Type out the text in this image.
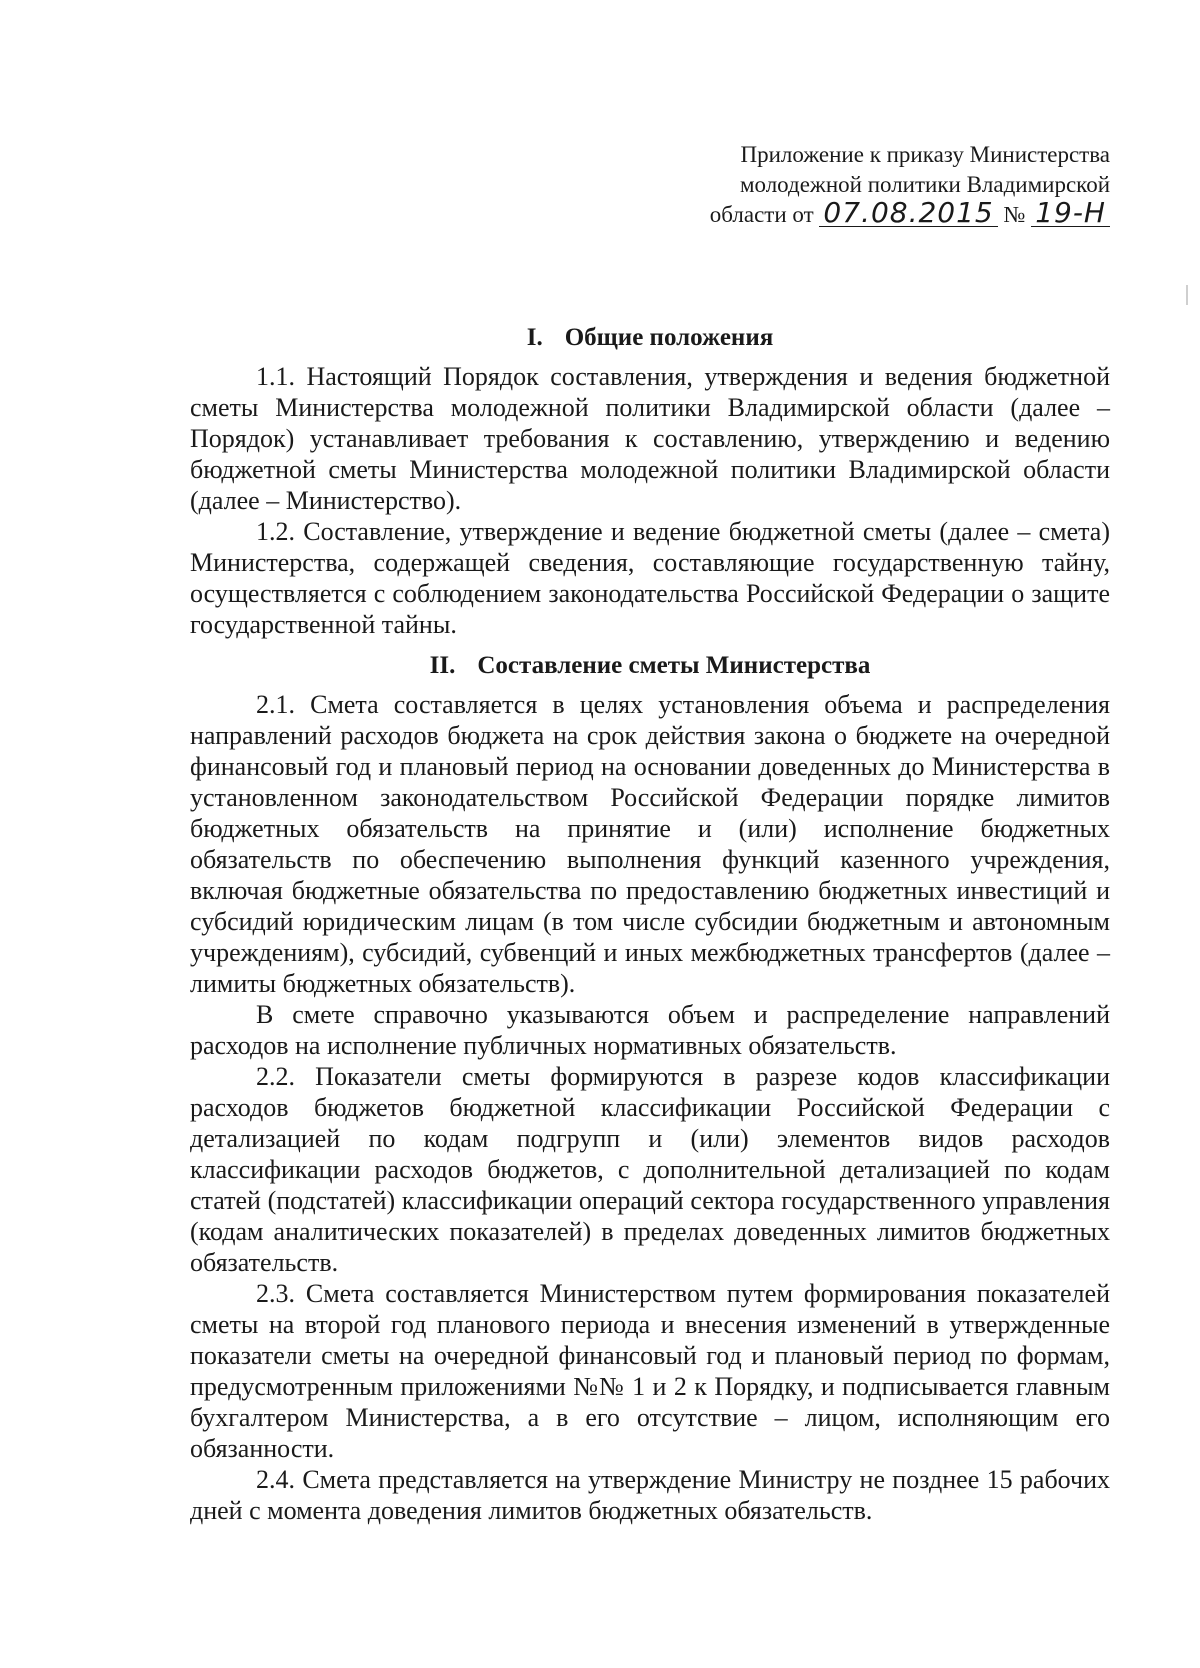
Приложение к приказу Министерства
молодежной политики Владимирской
области от 07.08.2015 № 19-Н
I. Общие положения

1.1. Настоящий Порядок составления, утверждения и ведения бюджетной сметы Министерства молодежной политики Владимирской области (далее – Порядок) устанавливает требования к составлению, утверждению и ведению бюджетной сметы Министерства молодежной политики Владимирской области (далее – Министерство).

1.2. Составление, утверждение и ведение бюджетной сметы (далее – смета) Министерства, содержащей сведения, составляющие государственную тайну, осуществляется с соблюдением законодательства Российской Федерации о защите государственной тайны.

II. Составление сметы Министерства

2.1. Смета составляется в целях установления объема и распределения направлений расходов бюджета на срок действия закона о бюджете на очередной финансовый год и плановый период на основании доведенных до Министерства в установленном законодательством Российской Федерации порядке лимитов бюджетных обязательств на принятие и (или) исполнение бюджетных обязательств по обеспечению выполнения функций казенного учреждения, включая бюджетные обязательства по предоставлению бюджетных инвестиций и субсидий юридическим лицам (в том числе субсидии бюджетным и автономным учреждениям), субсидий, субвенций и иных межбюджетных трансфертов (далее – лимиты бюджетных обязательств).

В смете справочно указываются объем и распределение направлений расходов на исполнение публичных нормативных обязательств.

2.2. Показатели сметы формируются в разрезе кодов классификации расходов бюджетов бюджетной классификации Российской Федерации с детализацией по кодам подгрупп и (или) элементов видов расходов классификации расходов бюджетов, с дополнительной детализацией по кодам статей (подстатей) классификации операций сектора государственного управления (кодам аналитических показателей) в пределах доведенных лимитов бюджетных обязательств.

2.3. Смета составляется Министерством путем формирования показателей сметы на второй год планового периода и внесения изменений в утвержденные показатели сметы на очередной финансовый год и плановый период по формам, предусмотренным приложениями №№ 1 и 2 к Порядку, и подписывается главным бухгалтером Министерства, а в его отсутствие – лицом, исполняющим его обязанности.

2.4. Смета представляется на утверждение Министру не позднее 15 рабочих дней с момента доведения лимитов бюджетных обязательств.
